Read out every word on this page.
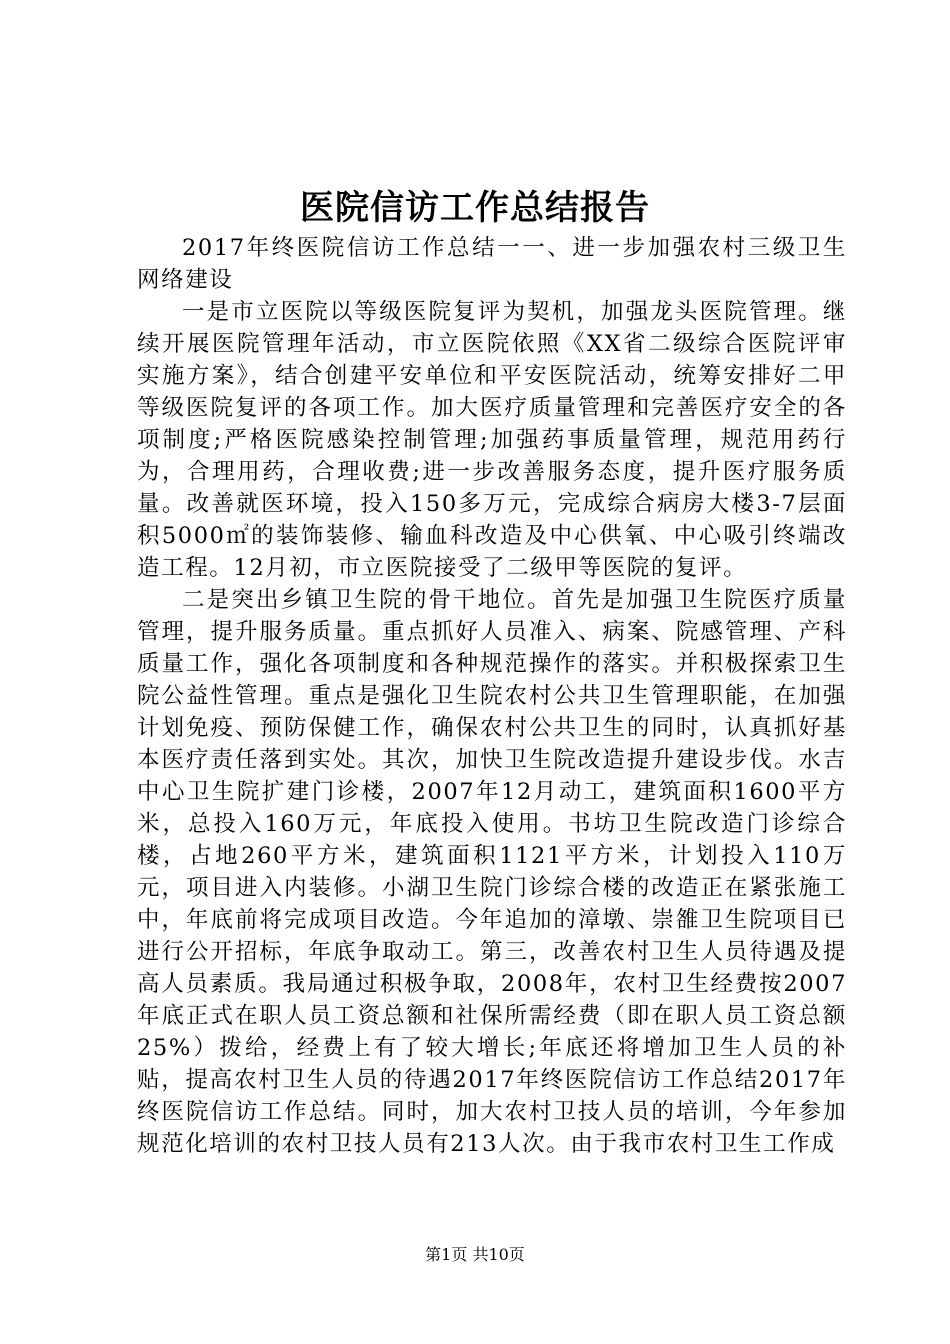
医院信访工作总结报告

2017年终医院信访工作总结一一、进一步加强农村三级卫生网络建设

一是市立医院以等级医院复评为契机，加强龙头医院管理。继续开展医院管理年活动，市立医院依照《XX省二级综合医院评审实施方案》，结合创建平安单位和平安医院活动，统筹安排好二甲等级医院复评的各项工作。加大医疗质量管理和完善医疗安全的各项制度;严格医院感染控制管理;加强药事质量管理，规范用药行为，合理用药，合理收费;进一步改善服务态度，提升医疗服务质量。改善就医环境，投入150多万元，完成综合病房大楼3-7层面积5000㎡的装饰装修、输血科改造及中心供氧、中心吸引终端改造工程。12月初，市立医院接受了二级甲等医院的复评。

二是突出乡镇卫生院的骨干地位。首先是加强卫生院医疗质量管理，提升服务质量。重点抓好人员准入、病案、院感管理、产科质量工作，强化各项制度和各种规范操作的落实。并积极探索卫生院公益性管理。重点是强化卫生院农村公共卫生管理职能，在加强计划免疫、预防保健工作，确保农村公共卫生的同时，认真抓好基本医疗责任落到实处。其次，加快卫生院改造提升建设步伐。水吉中心卫生院扩建门诊楼，2007年12月动工，建筑面积1600平方米，总投入160万元，年底投入使用。书坊卫生院改造门诊综合楼，占地260平方米，建筑面积1121平方米，计划投入110万元，项目进入内装修。小湖卫生院门诊综合楼的改造正在紧张施工中，年底前将完成项目改造。今年追加的漳墩、崇雒卫生院项目已进行公开招标，年底争取动工。第三，改善农村卫生人员待遇及提高人员素质。我局通过积极争取，2008年，农村卫生经费按2007年底正式在职人员工资总额和社保所需经费（即在职人员工资总额25%）拨给，经费上有了较大增长;年底还将增加卫生人员的补贴，提高农村卫生人员的待遇2017年终医院信访工作总结2017年终医院信访工作总结。同时，加大农村卫技人员的培训，今年参加规范化培训的农村卫技人员有213人次。由于我市农村卫生工作成

第1页 共10页
